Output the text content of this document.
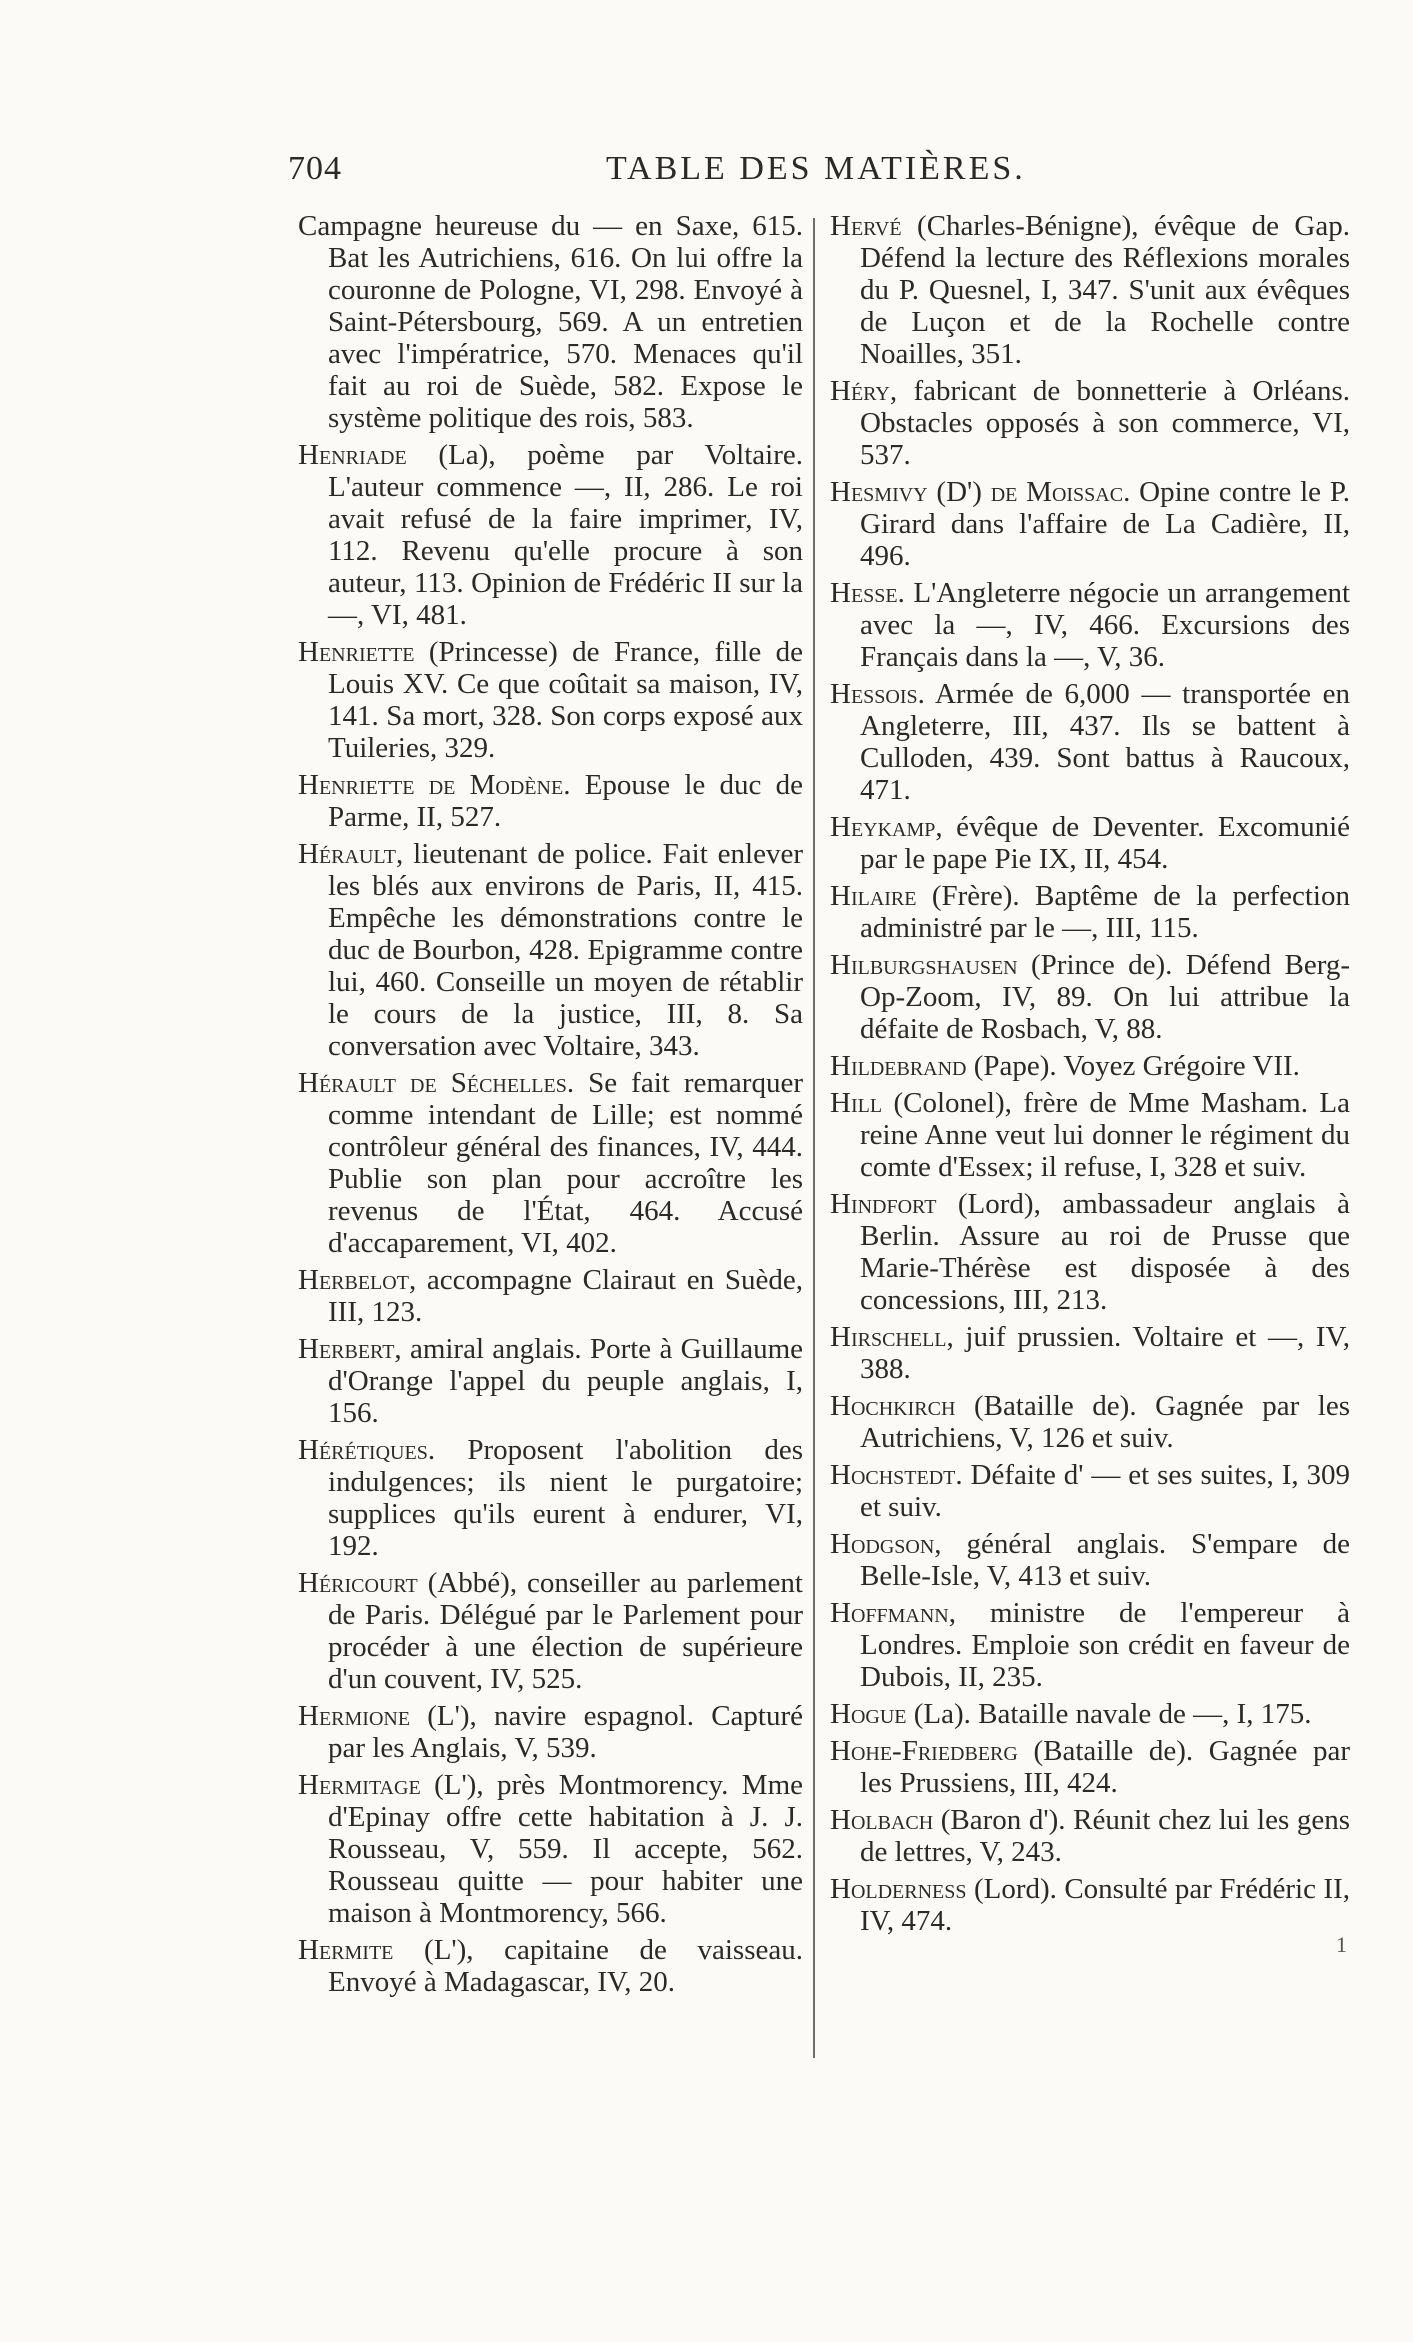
704	TABLE DES MATIÈRES.

Campagne heureuse du — en Saxe, 615. Bat les Autrichiens, 616. On lui offre la couronne de Pologne, VI, 298. Envoyé à Saint-Pétersbourg, 569. A un entretien avec l'impératrice, 570. Menaces qu'il fait au roi de Suède, 582. Expose le système politique des rois, 583.

Henriade (La), poème par Voltaire. L'auteur commence —, II, 286. Le roi avait refusé de la faire imprimer, IV, 112. Revenu qu'elle procure à son auteur, 113. Opinion de Frédéric II sur la —, VI, 481.

Henriette (Princesse) de France, fille de Louis XV. Ce que coûtait sa maison, IV, 141. Sa mort, 328. Son corps exposé aux Tuileries, 329.

Henriette de Modène. Epouse le duc de Parme, II, 527.

Hérault, lieutenant de police. Fait enlever les blés aux environs de Paris, II, 415. Empêche les démonstrations contre le duc de Bourbon, 428. Epigramme contre lui, 460. Conseille un moyen de rétablir le cours de la justice, III, 8. Sa conversation avec Voltaire, 343.

Hérault de Séchelles. Se fait remarquer comme intendant de Lille; est nommé contrôleur général des finances, IV, 444. Publie son plan pour accroître les revenus de l'État, 464. Accusé d'accaparement, VI, 402.

Herbelot, accompagne Clairaut en Suède, III, 123.

Herbert, amiral anglais. Porte à Guillaume d'Orange l'appel du peuple anglais, I, 156.

Hérétiques. Proposent l'abolition des indulgences; ils nient le purgatoire; supplices qu'ils eurent à endurer, VI, 192.

Héricourt (Abbé), conseiller au parlement de Paris. Délégué par le Parlement pour procéder à une élection de supérieure d'un couvent, IV, 525.

Hermione (L'), navire espagnol. Capturé par les Anglais, V, 539.

Hermitage (L'), près Montmorency. Mme d'Epinay offre cette habitation à J. J. Rousseau, V, 559. Il accepte, 562. Rousseau quitte — pour habiter une maison à Montmorency, 566.

Hermite (L'), capitaine de vaisseau. Envoyé à Madagascar, IV, 20.

Hervé (Charles-Bénigne), évêque de Gap. Défend la lecture des Réflexions morales du P. Quesnel, I, 347. S'unit aux évêques de Luçon et de la Rochelle contre Noailles, 351.

Héry, fabricant de bonnetterie à Orléans. Obstacles opposés à son commerce, VI, 537.

Hesmivy (D') de Moissac. Opine contre le P. Girard dans l'affaire de La Cadière, II, 496.

Hesse. L'Angleterre négocie un arrangement avec la —, IV, 466. Excursions des Français dans la —, V, 36.

Hessois. Armée de 6,000 — transportée en Angleterre, III, 437. Ils se battent à Culloden, 439. Sont battus à Raucoux, 471.

Heykamp, évêque de Deventer. Excomunié par le pape Pie IX, II, 454.

Hilaire (Frère). Baptême de la perfection administré par le —, III, 115.

Hilburgshausen (Prince de). Défend Berg-Op-Zoom, IV, 89. On lui attribue la défaite de Rosbach, V, 88.

Hildebrand (Pape). Voyez Grégoire VII.

Hill (Colonel), frère de Mme Masham. La reine Anne veut lui donner le régiment du comte d'Essex; il refuse, I, 328 et suiv.

Hindfort (Lord), ambassadeur anglais à Berlin. Assure au roi de Prusse que Marie-Thérèse est disposée à des concessions, III, 213.

Hirschell, juif prussien. Voltaire et —, IV, 388.

Hochkirch (Bataille de). Gagnée par les Autrichiens, V, 126 et suiv.

Hochstedt. Défaite d' — et ses suites, I, 309 et suiv.

Hodgson, général anglais. S'empare de Belle-Isle, V, 413 et suiv.

Hoffmann, ministre de l'empereur à Londres. Emploie son crédit en faveur de Dubois, II, 235.

Hogue (La). Bataille navale de —, I, 175.

Hohe-Friedberg (Bataille de). Gagnée par les Prussiens, III, 424.

Holbach (Baron d'). Réunit chez lui les gens de lettres, V, 243.

Holderness (Lord). Consulté par Frédéric II, IV, 474.

1
